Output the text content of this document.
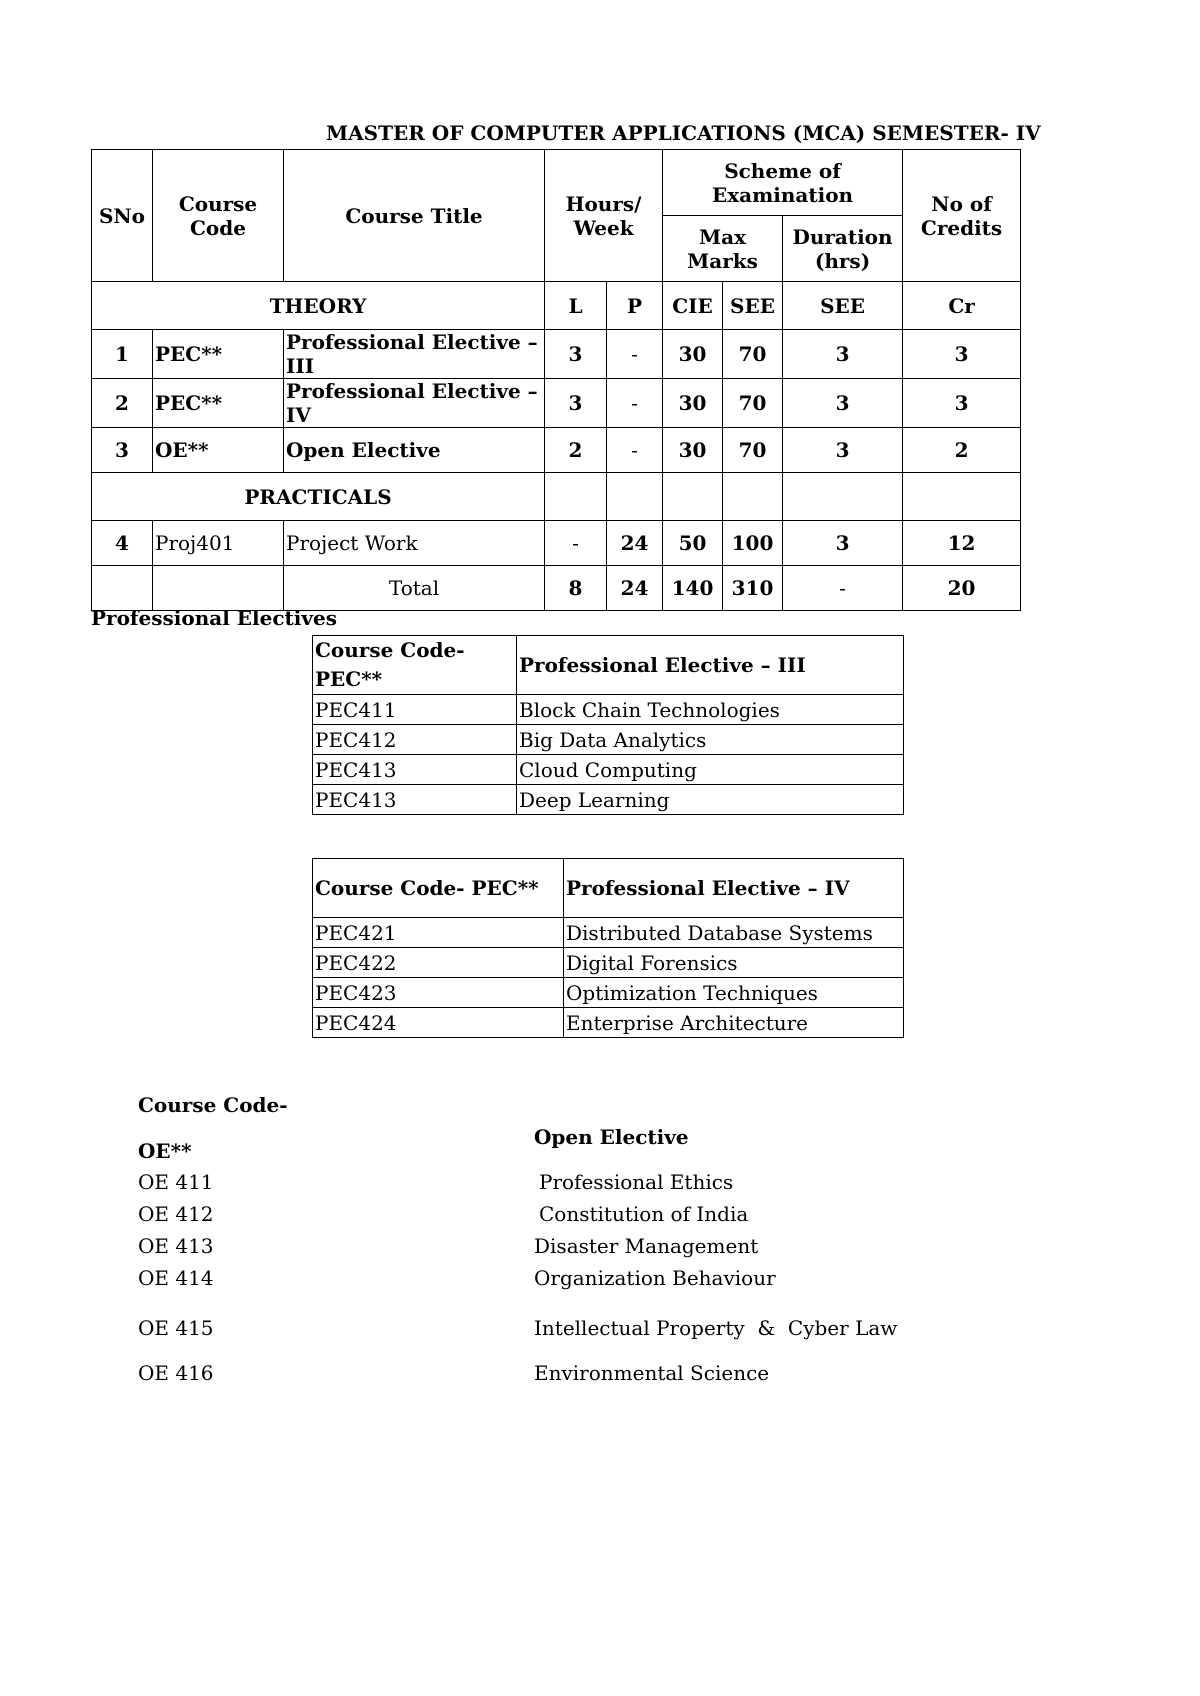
MASTER OF COMPUTER APPLICATIONS (MCA) SEMESTER- IV
SNo	Course Code	Course Title	Hours/ Week		Scheme of Examination			No of Credits
					Max Marks		Duration (hrs)	
THEORY			L	P	CIE	SEE	SEE	Cr
1	PEC**	Professional Elective –III	3	-	30	70	3	3
2	PEC**	Professional Elective –IV	3	-	30	70	3	3
3	OE**	Open Elective	2	-	30	70	3	2
PRACTICALS								
4	Proj401	Project Work	-	24	50	100	3	12
		Total	8	24	140	310	-	20
Professional Electives
Course Code- PEC**	Professional Elective – III
PEC411	Block Chain Technologies
PEC412	Big Data Analytics
PEC413	Cloud Computing
PEC413	Deep Learning
Course Code- PEC**	Professional Elective – IV
PEC421	Distributed Database Systems
PEC422	Digital Forensics
PEC423	Optimization Techniques
PEC424	Enterprise Architecture
Course Code-
OE**
Open Elective
OE 411	Professional Ethics
OE 412	Constitution of India
OE 413	Disaster Management
OE 414	Organization Behaviour
OE 415	Intellectual Property  &  Cyber Law
OE 416	Environmental Science
